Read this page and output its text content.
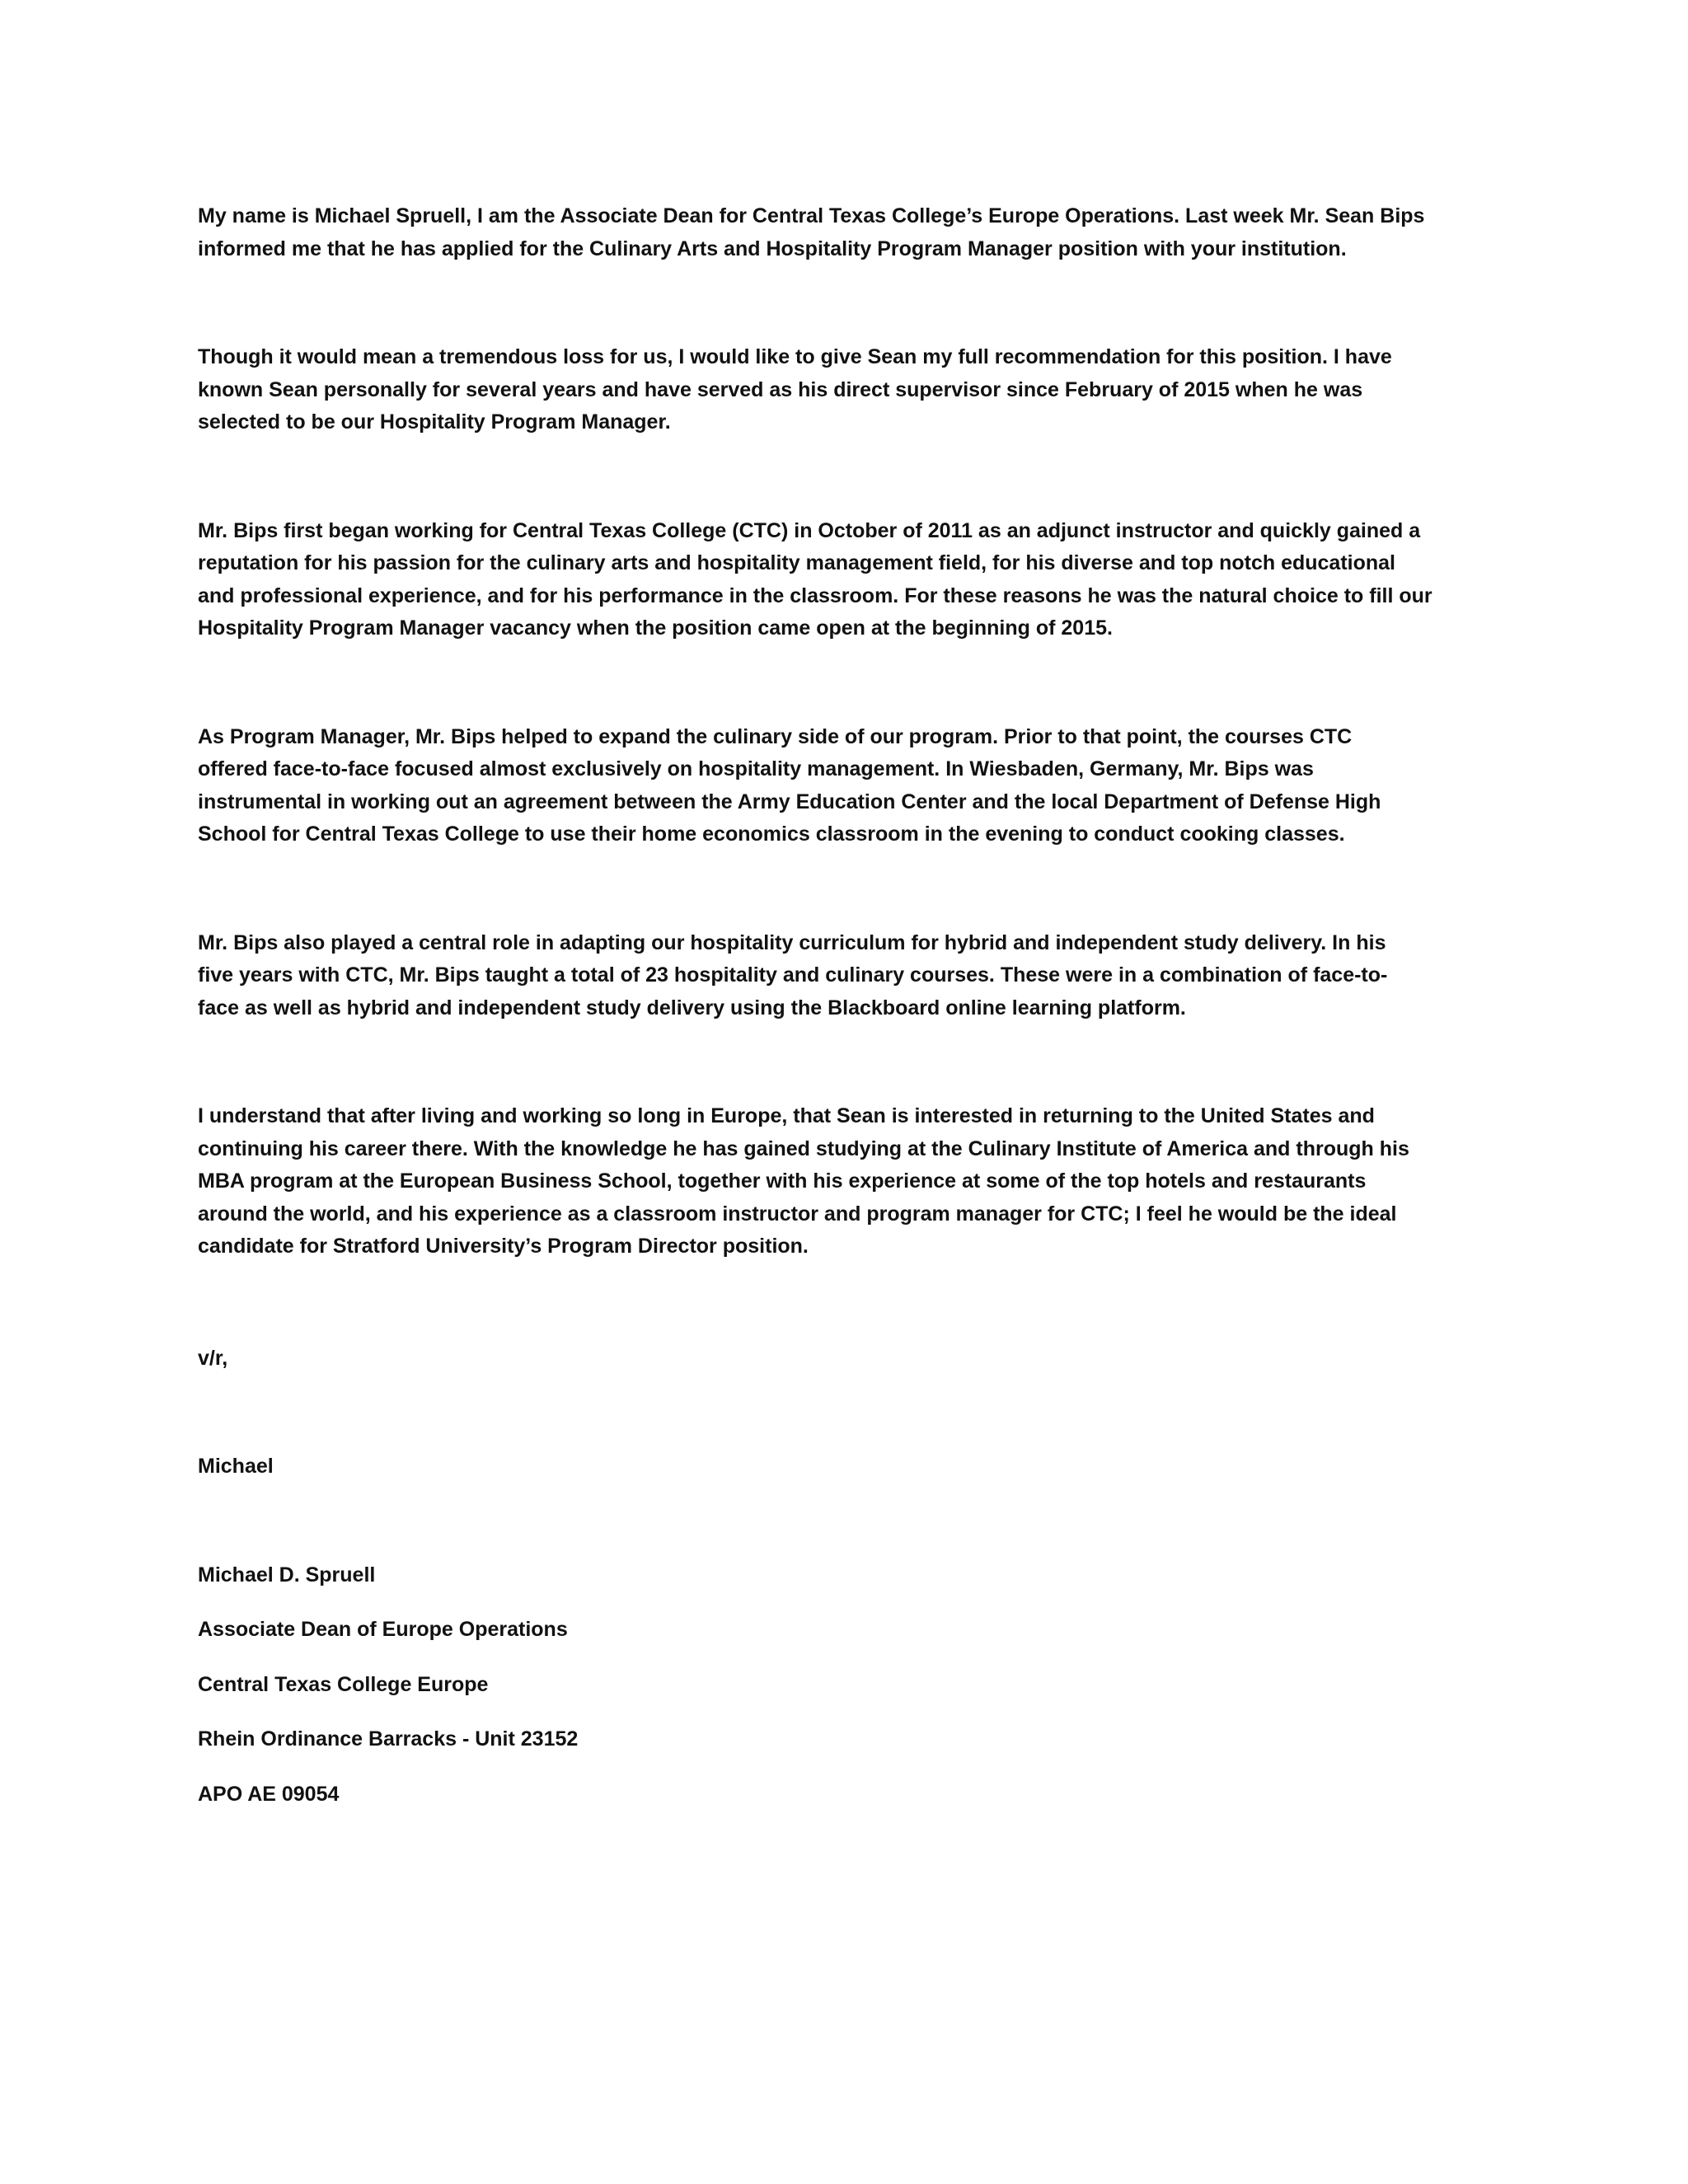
My name is Michael Spruell, I am the Associate Dean for Central Texas College’s Europe Operations. Last week Mr. Sean Bips
informed me that he has applied for the Culinary Arts and Hospitality Program Manager position with your institution.

Though it would mean a tremendous loss for us, I would like to give Sean my full recommendation for this position. I have
known Sean personally for several years and have served as his direct supervisor since February of 2015 when he was
selected to be our Hospitality Program Manager.

Mr. Bips first began working for Central Texas College (CTC) in October of 2011 as an adjunct instructor and quickly gained a
reputation for his passion for the culinary arts and hospitality management field, for his diverse and top notch educational
and professional experience, and for his performance in the classroom. For these reasons he was the natural choice to fill our
Hospitality Program Manager vacancy when the position came open at the beginning of 2015.

As Program Manager, Mr. Bips helped to expand the culinary side of our program. Prior to that point, the courses CTC
offered face-to-face focused almost exclusively on hospitality management. In Wiesbaden, Germany, Mr. Bips was
instrumental in working out an agreement between the Army Education Center and the local Department of Defense High
School for Central Texas College to use their home economics classroom in the evening to conduct cooking classes.

Mr. Bips also played a central role in adapting our hospitality curriculum for hybrid and independent study delivery. In his
five years with CTC, Mr. Bips taught a total of 23 hospitality and culinary courses. These were in a combination of face-to-
face as well as hybrid and independent study delivery using the Blackboard online learning platform.

I understand that after living and working so long in Europe, that Sean is interested in returning to the United States and
continuing his career there. With the knowledge he has gained studying at the Culinary Institute of America and through his
MBA program at the European Business School, together with his experience at some of the top hotels and restaurants
around the world, and his experience as a classroom instructor and program manager for CTC; I feel he would be the ideal
candidate for Stratford University’s Program Director position.

v/r,

Michael

Michael D. Spruell

Associate Dean of Europe Operations

Central Texas College Europe

Rhein Ordinance Barracks - Unit 23152

APO AE 09054
